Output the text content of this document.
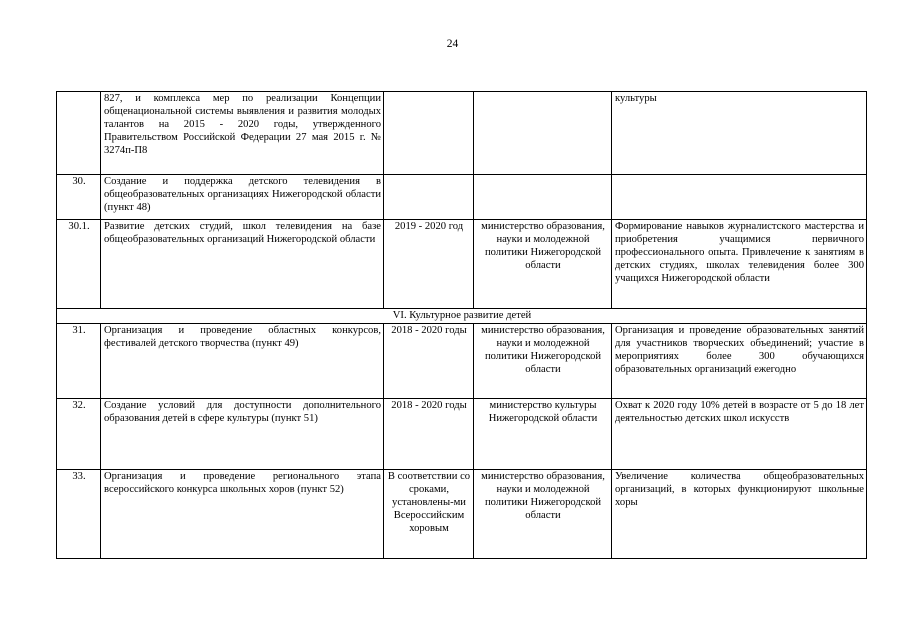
24
	827, и комплекса мер по реализации Концепции общенациональной системы выявления и развития молодых талантов на 2015 - 2020 годы, утвержденного Правительством Российской Федерации 27 мая 2015 г. № 3274п-П8			культуры
30.	Создание и поддержка детского телевидения в общеобразовательных организациях Нижегородской области (пункт 48)			
30.1.	Развитие детских студий, школ телевидения на базе общеобразовательных организаций Нижегородской области	2019 - 2020 год	министерство образования, науки и молодежной политики Нижегородской области	Формирование навыков журналистского мастерства и приобретения учащимися первичного профессионального опыта. Привлечение к занятиям в детских студиях, школах телевидения более 300 учащихся Нижегородской области
VI. Культурное развитие детей				
31.	Организация и проведение областных конкурсов, фестивалей детского творчества (пункт 49)	2018 - 2020 годы	министерство образования, науки и молодежной политики Нижегородской области	Организация и проведение образовательных занятий для участников творческих объединений; участие в мероприятиях более 300 обучающихся образовательных организаций ежегодно
32.	Создание условий для доступности дополнительного образования детей в сфере культуры (пункт 51)	2018 - 2020 годы	министерство культуры Нижегородской области	Охват к 2020 году 10% детей в возрасте от 5 до 18 лет деятельностью детских школ искусств
33.	Организация и проведение регионального этапа всероссийского конкурса школьных хоров (пункт 52)	В соответствии со сроками, установлены-ми Всероссийским хоровым	министерство образования, науки и молодежной политики Нижегородской области	Увеличение количества общеобразовательных организаций, в которых функционируют школьные хоры
